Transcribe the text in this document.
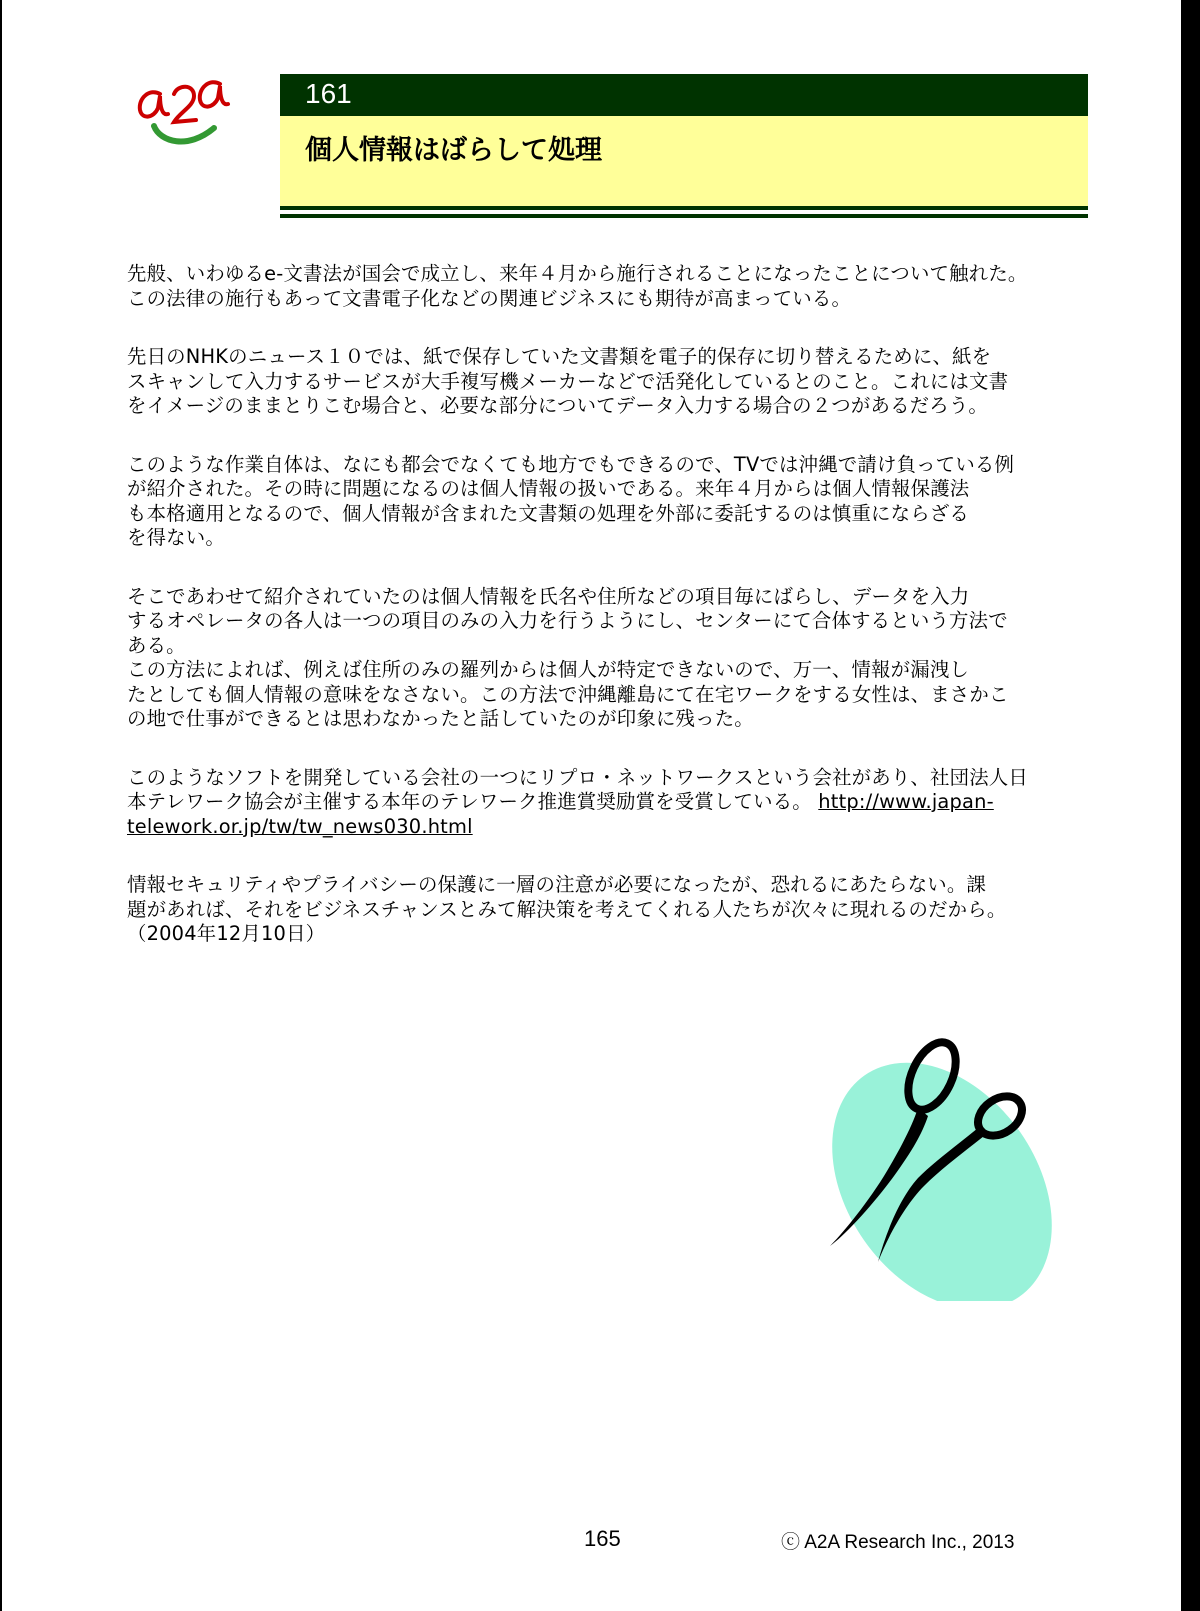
161
個人情報はばらして処理

先般、いわゆるe-文書法が国会で成立し、来年４月から施行されることになったことについて触れた。
この法律の施行もあって文書電子化などの関連ビジネスにも期待が高まっている。

先日のNHKのニュース１０では、紙で保存していた文書類を電子的保存に切り替えるために、紙を
スキャンして入力するサービスが大手複写機メーカーなどで活発化しているとのこと。これには文書
をイメージのままとりこむ場合と、必要な部分についてデータ入力する場合の２つがあるだろう。

このような作業自体は、なにも都会でなくても地方でもできるので、TVでは沖縄で請け負っている例
が紹介された。その時に問題になるのは個人情報の扱いである。来年４月からは個人情報保護法
も本格適用となるので、個人情報が含まれた文書類の処理を外部に委託するのは慎重にならざる
を得ない。

そこであわせて紹介されていたのは個人情報を氏名や住所などの項目毎にばらし、データを入力
するオペレータの各人は一つの項目のみの入力を行うようにし、センターにて合体するという方法で
ある。
この方法によれば、例えば住所のみの羅列からは個人が特定できないので、万一、情報が漏洩し
たとしても個人情報の意味をなさない。この方法で沖縄離島にて在宅ワークをする女性は、まさかこ
の地で仕事ができるとは思わなかったと話していたのが印象に残った。

このようなソフトを開発している会社の一つにリプロ・ネットワークスという会社があり、社団法人日
本テレワーク協会が主催する本年のテレワーク推進賞奨励賞を受賞している。 http://www.japan-
telework.or.jp/tw/tw_news030.html

情報セキュリティやプライバシーの保護に一層の注意が必要になったが、恐れるにあたらない。課
題があれば、それをビジネスチャンスとみて解決策を考えてくれる人たちが次々に現れるのだから。
（2004年12月10日）

165	ⓒ A2A Research Inc., 2013
